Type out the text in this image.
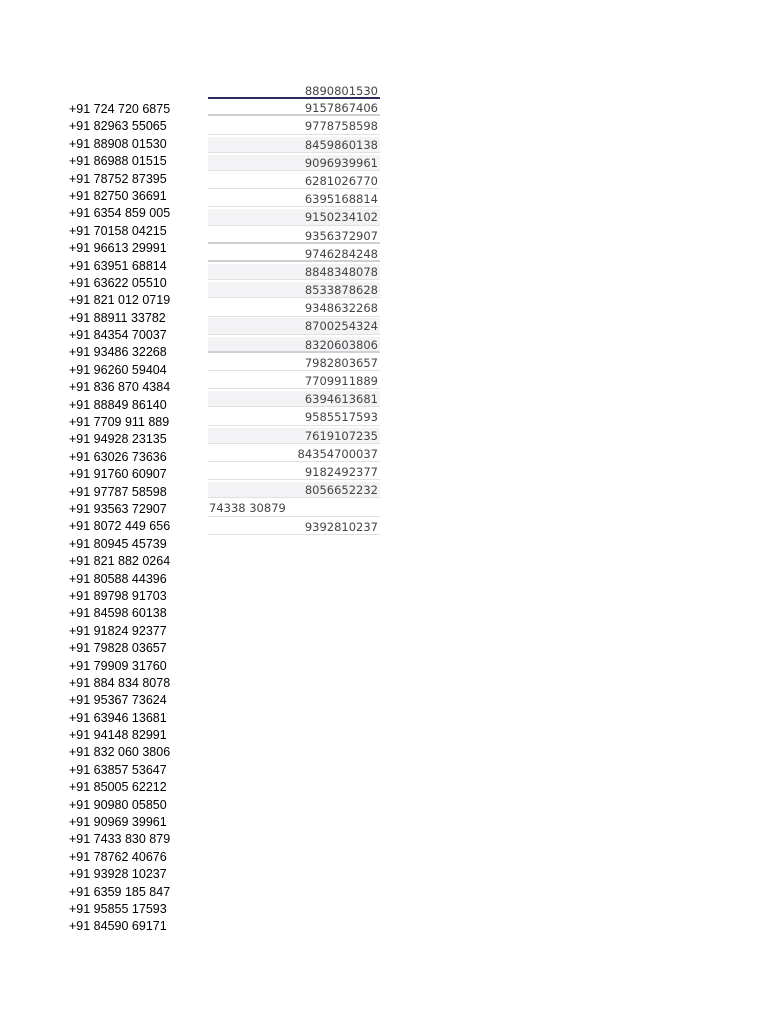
+91 724 720 6875
+91 82963 55065
+91 88908 01530
+91 86988 01515
+91 78752 87395
+91 82750 36691
+91 6354 859 005
+91 70158 04215
+91 96613 29991
+91 63951 68814
+91 63622 05510
+91 821 012 0719
+91 88911 33782
+91 84354 70037
+91 93486 32268
+91 96260 59404
+91 836 870 4384
+91 88849 86140
+91 7709 911 889
+91 94928 23135
+91 63026 73636
+91 91760 60907
+91 97787 58598
+91 93563 72907
+91 8072 449 656
+91 80945 45739
+91 821 882 0264
+91 80588 44396
+91 89798 91703
+91 84598 60138
+91 91824 92377
+91 79828 03657
+91 79909 31760
+91 884 834 8078
+91 95367 73624
+91 63946 13681
+91 94148 82991
+91 832 060 3806
+91 63857 53647
+91 85005 62212
+91 90980 05850
+91 90969 39961
+91 7433 830 879
+91 78762 40676
+91 93928 10237
+91 6359 185 847
+91 95855 17593
+91 84590 69171
8890801530
9157867406
9778758598
8459860138
9096939961
6281026770
6395168814
9150234102
9356372907
9746284248
8848348078
8533878628
9348632268
8700254324
8320603806
7982803657
7709911889
6394613681
9585517593
7619107235
84354700037
9182492377
8056652232
74338 30879
9392810237
